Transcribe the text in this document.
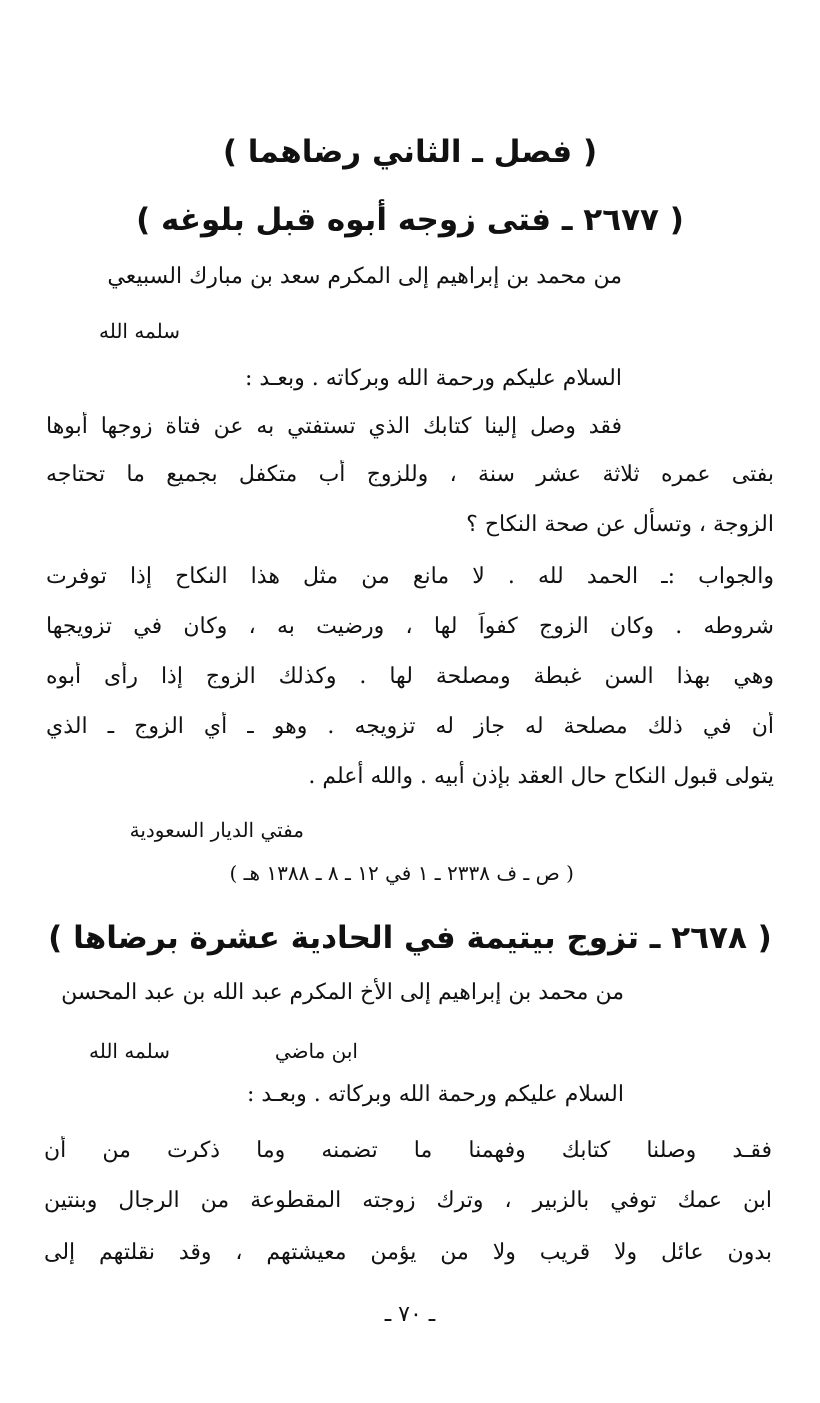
( فصل ـ الثاني رضاهما )
( ٢٦٧٧ ـ فتى زوجه أبوه قبل بلوغه )
من محمد بن إبراهيم إلى المكرم سعد بن مبارك السبيعي
سلمه الله
السلام عليكم ورحمة الله وبركاته . وبعـد :
فقد وصل إلينا كتابك الذي تستفتي به عن فتاة زوجها أبوها
بفتى عمره ثلاثة عشر سنة ، وللزوج أب متكفل بجميع ما تحتاجه
الزوجة ، وتسأل عن صحة النكاح ؟
والجواب :ـ الحمد لله . لا مانع من مثل هذا النكاح إذا توفرت
شروطه . وكان الزوج كفواً لها ، ورضيت به ، وكان في تزويجها
وهي بهذا السن غبطة ومصلحة لها . وكذلك الزوج إذا رأى أبوه
أن في ذلك مصلحة له جاز له تزويجه . وهو ـ أي الزوج ـ الذي
يتولى قبول النكاح حال العقد بإذن أبيه . والله أعلم .
مفتي الديار السعودية
( ص ـ ف ٢٣٣٨ ـ ١ في ١٢ ـ ٨ ـ ١٣٨٨ هـ )
( ٢٦٧٨ ـ تزوج بيتيمة في الحادية عشرة برضاها )
من محمد بن إبراهيم إلى الأخ المكرم عبد الله بن عبد المحسن
ابن ماضي
سلمه الله
السلام عليكم ورحمة الله وبركاته . وبعـد :
فقـد وصلنا كتابك وفهمنا ما تضمنه وما ذكرت من أن
ابن عمك توفي بالزبير ، وترك زوجته المقطوعة من الرجال وبنتين
بدون عائل ولا قريب ولا من يؤمن معيشتهم ، وقد نقلتهم إلى
ـ ٧٠ ـ
